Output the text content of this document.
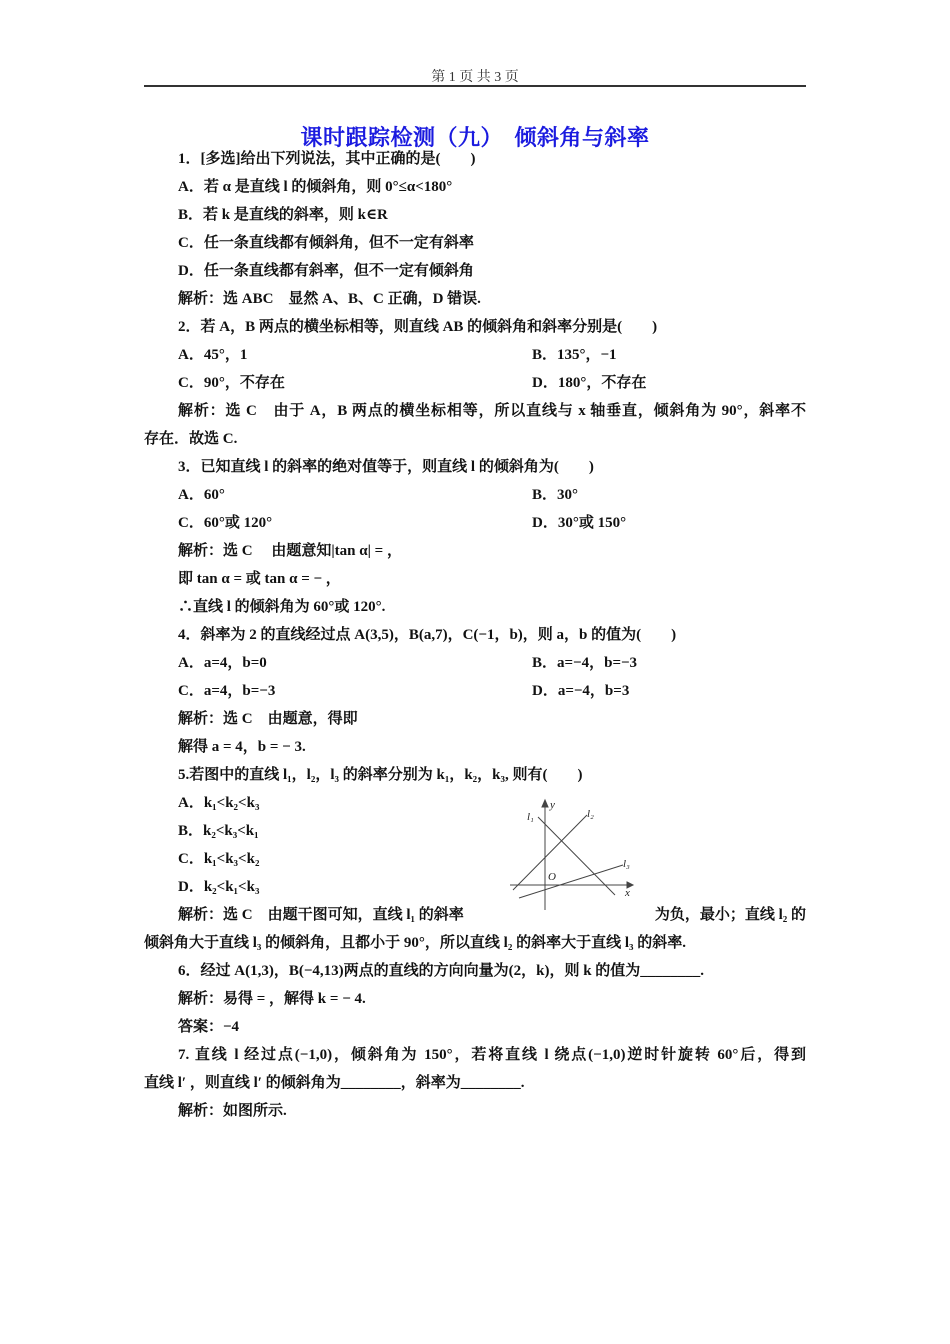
第 1 页 共 3 页
课时跟踪检测（九）　倾斜角与斜率
1．[多选]给出下列说法，其中正确的是(　　)
A．若 α 是直线 l 的倾斜角，则 0°≤α<180°
B．若 k 是直线的斜率，则 k∈R
C．任一条直线都有倾斜角，但不一定有斜率
D．任一条直线都有斜率，但不一定有倾斜角
解析：选 ABC　显然 A、B、C 正确，D 错误.
2．若 A，B 两点的横坐标相等，则直线 AB 的倾斜角和斜率分别是(　　)
A．45°，1	B．135°，−1
C．90°，不存在	D．180°，不存在
解析：选 C　由于 A，B 两点的横坐标相等，所以直线与 x 轴垂直，倾斜角为 90°，斜率不
存在．故选 C.
3．已知直线 l 的斜率的绝对值等于，则直线 l 的倾斜角为(　　)
A．60°	B．30°
C．60°或 120°	D．30°或 150°
解析：选 C　 由题意知|tan α| = ，
即 tan α = 或 tan α = − ，
∴直线 l 的倾斜角为 60°或 120°.
4．斜率为 2 的直线经过点 A(3,5)，B(a,7)，C(−1，b)，则 a，b 的值为(　　)
A．a=4，b=0	B．a=−4，b=−3
C．a=4，b=−3	D．a=−4，b=3
解析：选 C　由题意，得即
解得 a = 4，b = − 3.
5.若图中的直线 l₁，l₂，l₃ 的斜率分别为 k₁，k₂，k₃, 则有(　　)
A．k₁<k₂<k₃
B．k₂<k₃<k₁
C．k₁<k₃<k₂
D．k₂<k₁<k₃
y
x
O
l₁	l₂
l₃
解析：选 C　由题干图可知，直线 l₁ 的斜率	为负，最小；直线 l₂ 的
倾斜角大于直线 l₃ 的倾斜角，且都小于 90°，所以直线 l₂ 的斜率大于直线 l₃ 的斜率.
6．经过 A(1,3)，B(−4,13)两点的直线的方向向量为(2，k)，则 k 的值为________.
解析：易得 = ，解得 k = − 4.
答案：−4
7. 直线 l 经过点(−1,0)，倾斜角为 150°，若将直线 l 绕点(−1,0)逆时针旋转 60°后，得到
直线 l′ ，则直线 l′ 的倾斜角为________，斜率为________.
解析：如图所示.
